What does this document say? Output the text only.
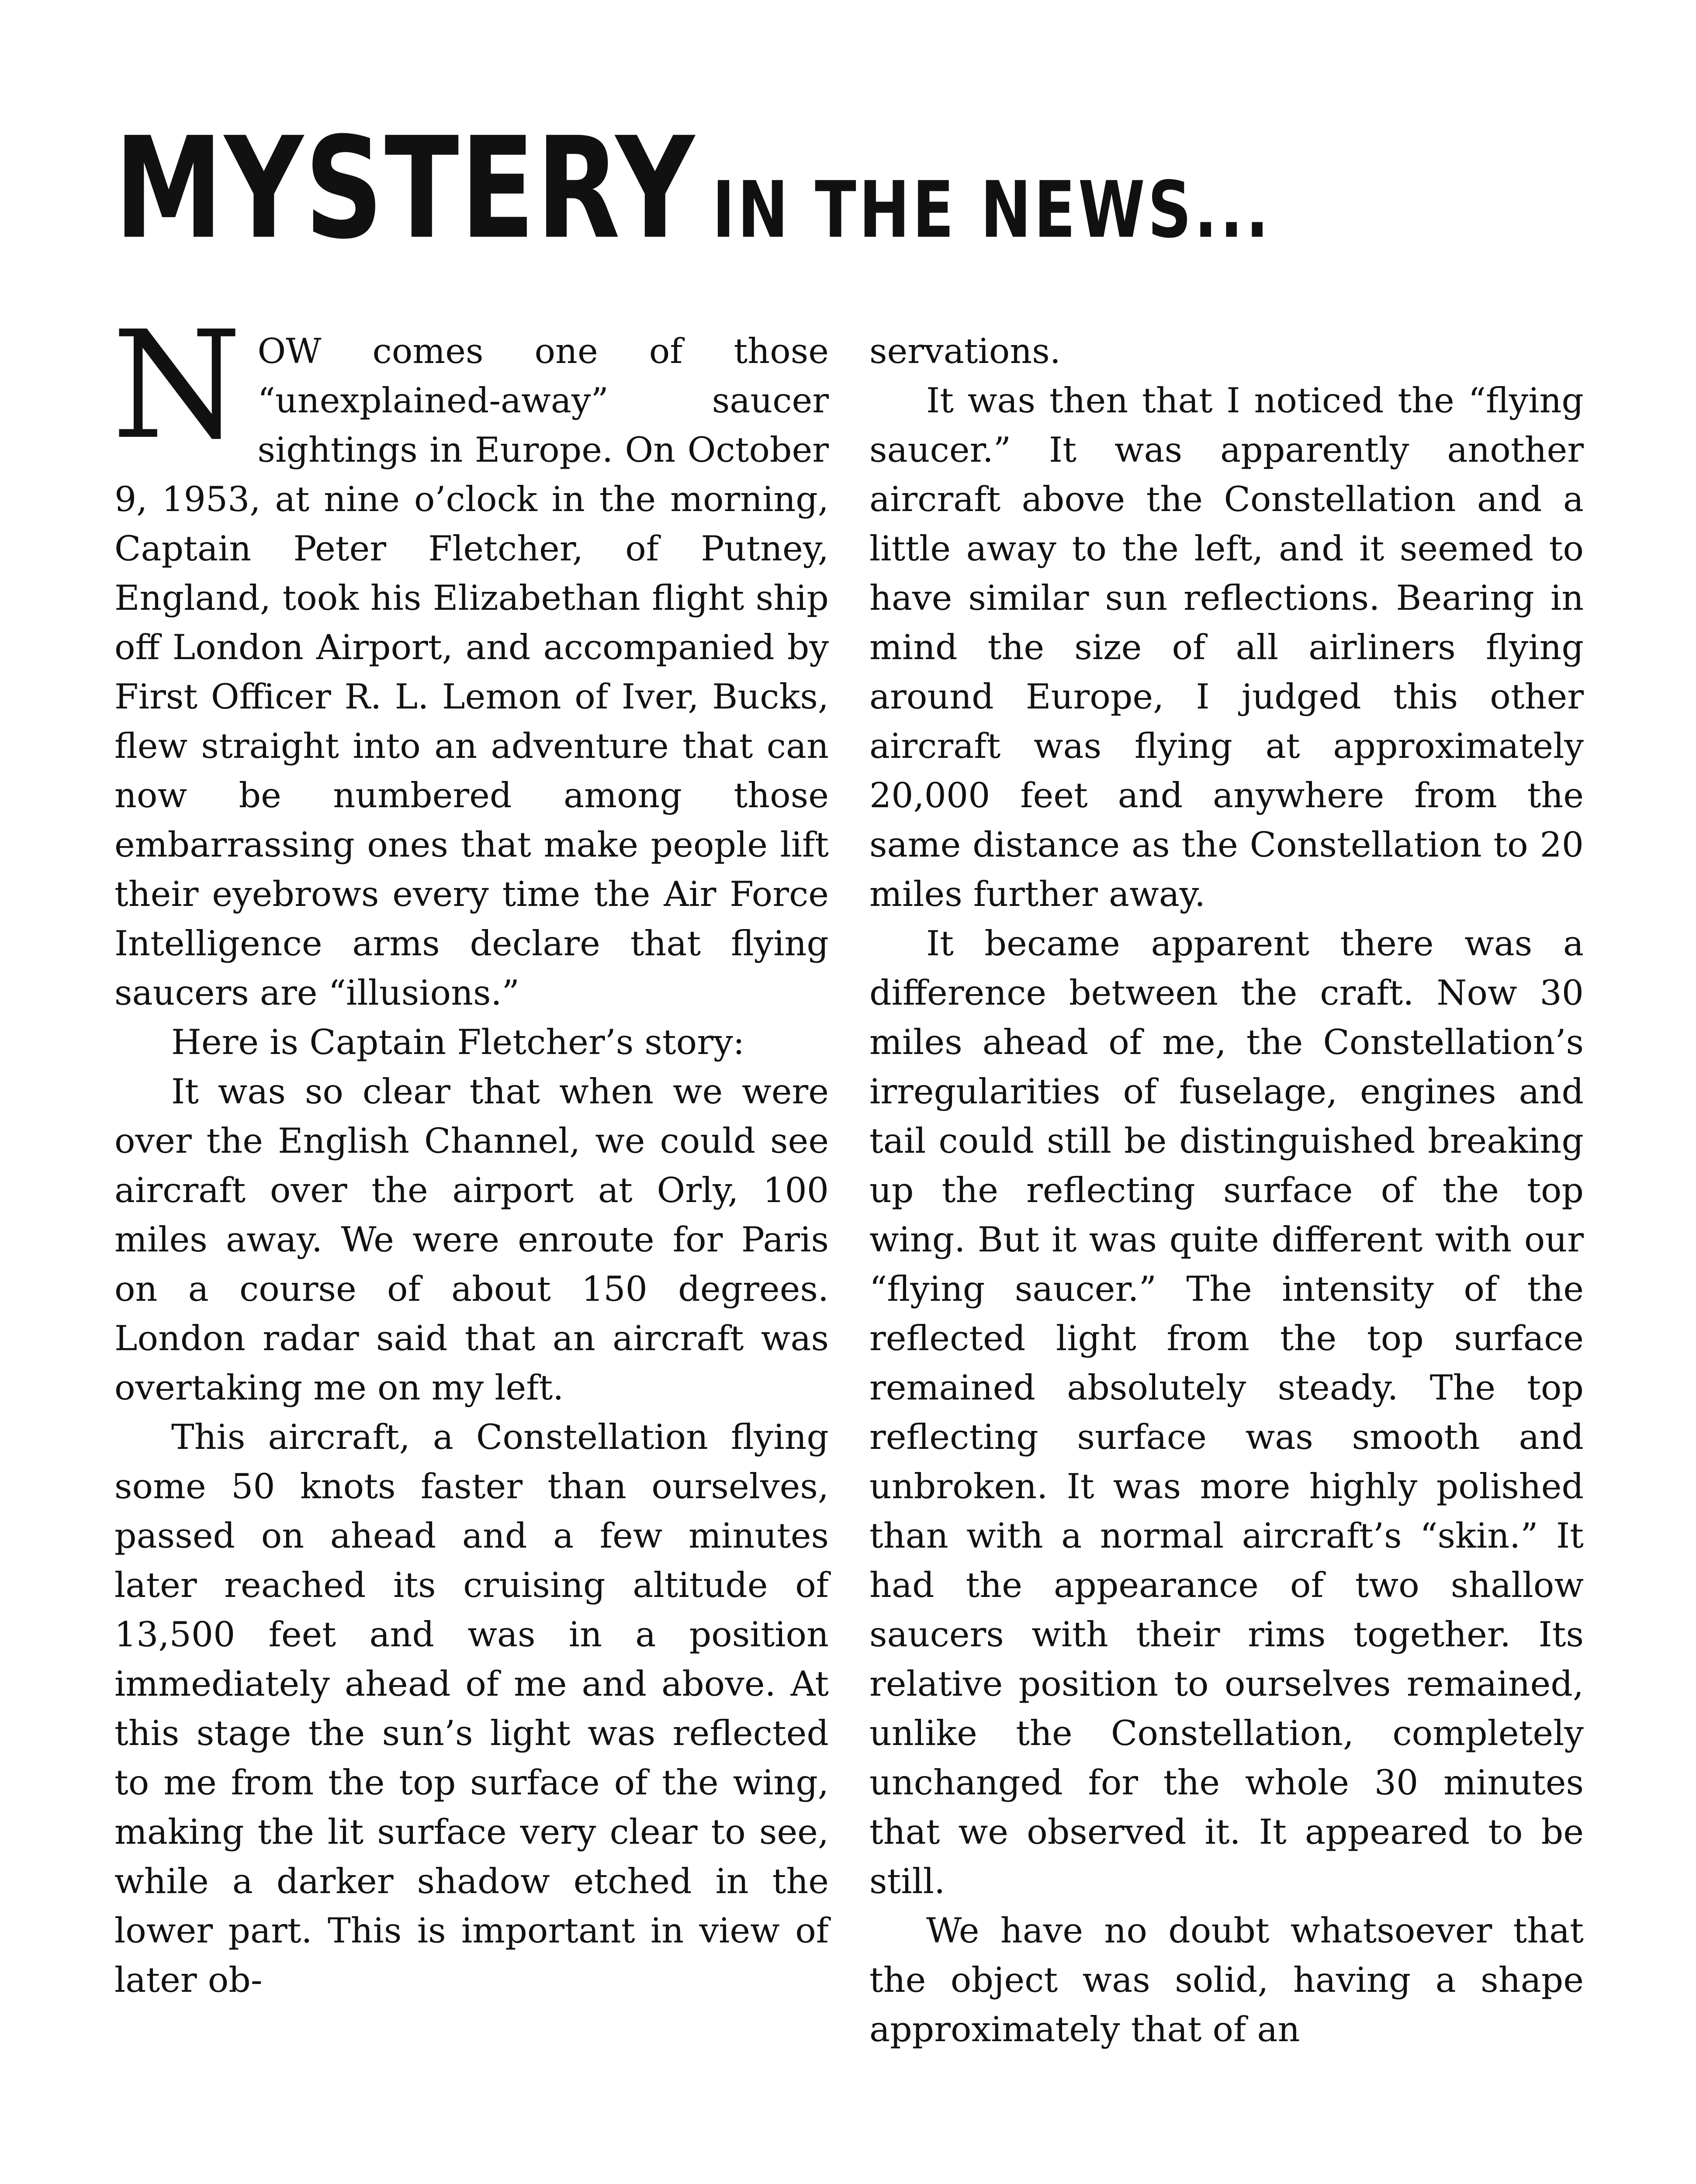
MYSTERY IN THE NEWS...

NOW comes one of those “unexplained-away” saucer sightings in Europe. On October 9, 1953, at nine o’clock in the morning, Captain Peter Fletcher, of Putney, England, took his Elizabethan flight ship off London Airport, and accompanied by First Officer R. L. Lemon of Iver, Bucks, flew straight into an adventure that can now be numbered among those embarrassing ones that make people lift their eyebrows every time the Air Force Intelligence arms declare that flying saucers are “illusions.”

Here is Captain Fletcher’s story:

It was so clear that when we were over the English Channel, we could see aircraft over the airport at Orly, 100 miles away. We were enroute for Paris on a course of about 150 degrees. London radar said that an aircraft was overtaking me on my left.

This aircraft, a Constellation flying some 50 knots faster than ourselves, passed on ahead and a few minutes later reached its cruising altitude of 13,500 feet and was in a position immediately ahead of me and above. At this stage the sun’s light was reflected to me from the top surface of the wing, making the lit surface very clear to see, while a darker shadow etched in the lower part. This is important in view of later ob-

servations.

It was then that I noticed the “flying saucer.” It was apparently another aircraft above the Constellation and a little away to the left, and it seemed to have similar sun reflections. Bearing in mind the size of all airliners flying around Europe, I judged this other aircraft was flying at approximately 20,000 feet and anywhere from the same distance as the Constellation to 20 miles further away.

It became apparent there was a difference between the craft. Now 30 miles ahead of me, the Constellation’s irregularities of fuselage, engines and tail could still be distinguished breaking up the reflecting surface of the top wing. But it was quite different with our “flying saucer.” The intensity of the reflected light from the top surface remained absolutely steady. The top reflecting surface was smooth and unbroken. It was more highly polished than with a normal aircraft’s “skin.” It had the appearance of two shallow saucers with their rims together. Its relative position to ourselves remained, unlike the Constellation, completely unchanged for the whole 30 minutes that we observed it. It appeared to be still.

We have no doubt whatsoever that the object was solid, having a shape approximately that of an
